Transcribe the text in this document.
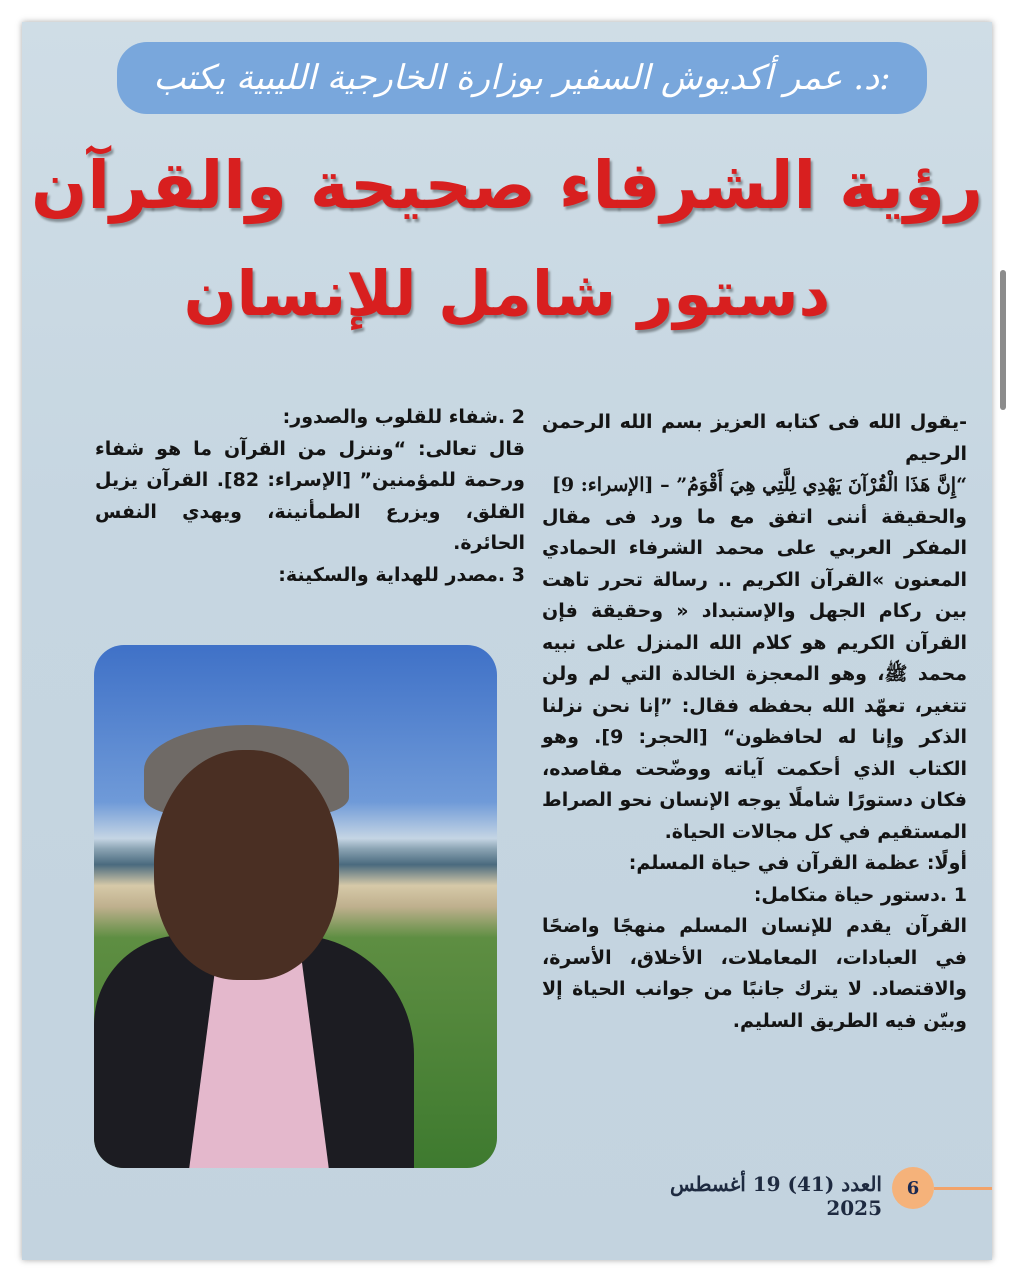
د. عمر أكديوش السفير بوزارة الخارجية الليبية يكتب:
رؤية الشرفاء صحيحة والقرآن
دستور شامل للإنسان

-يقول الله فى كتابه العزيز بسم الله الرحمن الرحيم

“إِنَّ هَذَا الْقُرْآنَ يَهْدِي لِلَّتِي هِيَ أَقْوَمُ” – [الإسراء: 9]

والحقيقة أننى اتفق مع ما ورد فى مقال المفكر العربي على محمد الشرفاء الحمادي المعنون »القرآن الكريم .. رسالة تحرر تاهت بين ركام الجهل والإستبداد « وحقيقة فإن القرآن الكريم هو كلام الله المنزل على نبيه محمد ﷺ، وهو المعجزة الخالدة التي لم ولن تتغير، تعهّد الله بحفظه فقال: ”إنا نحن نزلنا الذكر وإنا له لحافظون“ [الحجر: 9]. وهو الكتاب الذي أحكمت آياته ووضّحت مقاصده، فكان دستورًا شاملًا يوجه الإنسان نحو الصراط المستقيم في كل مجالات الحياة.

أولًا: عظمة القرآن في حياة المسلم:

1 .دستور حياة متكامل:

القرآن يقدم للإنسان المسلم منهجًا واضحًا في العبادات، المعاملات، الأخلاق، الأسرة، والاقتصاد. لا يترك جانبًا من جوانب الحياة إلا وبيّن فيه الطريق السليم.

2 .شفاء للقلوب والصدور:

قال تعالى: “وننزل من القرآن ما هو شفاء ورحمة للمؤمنين” [الإسراء: 82]. القرآن يزيل القلق، ويزرع الطمأنينة، ويهدي النفس الحائرة.

3 .مصدر للهداية والسكينة:

6
العدد (41) 19 أغسطس 2025
